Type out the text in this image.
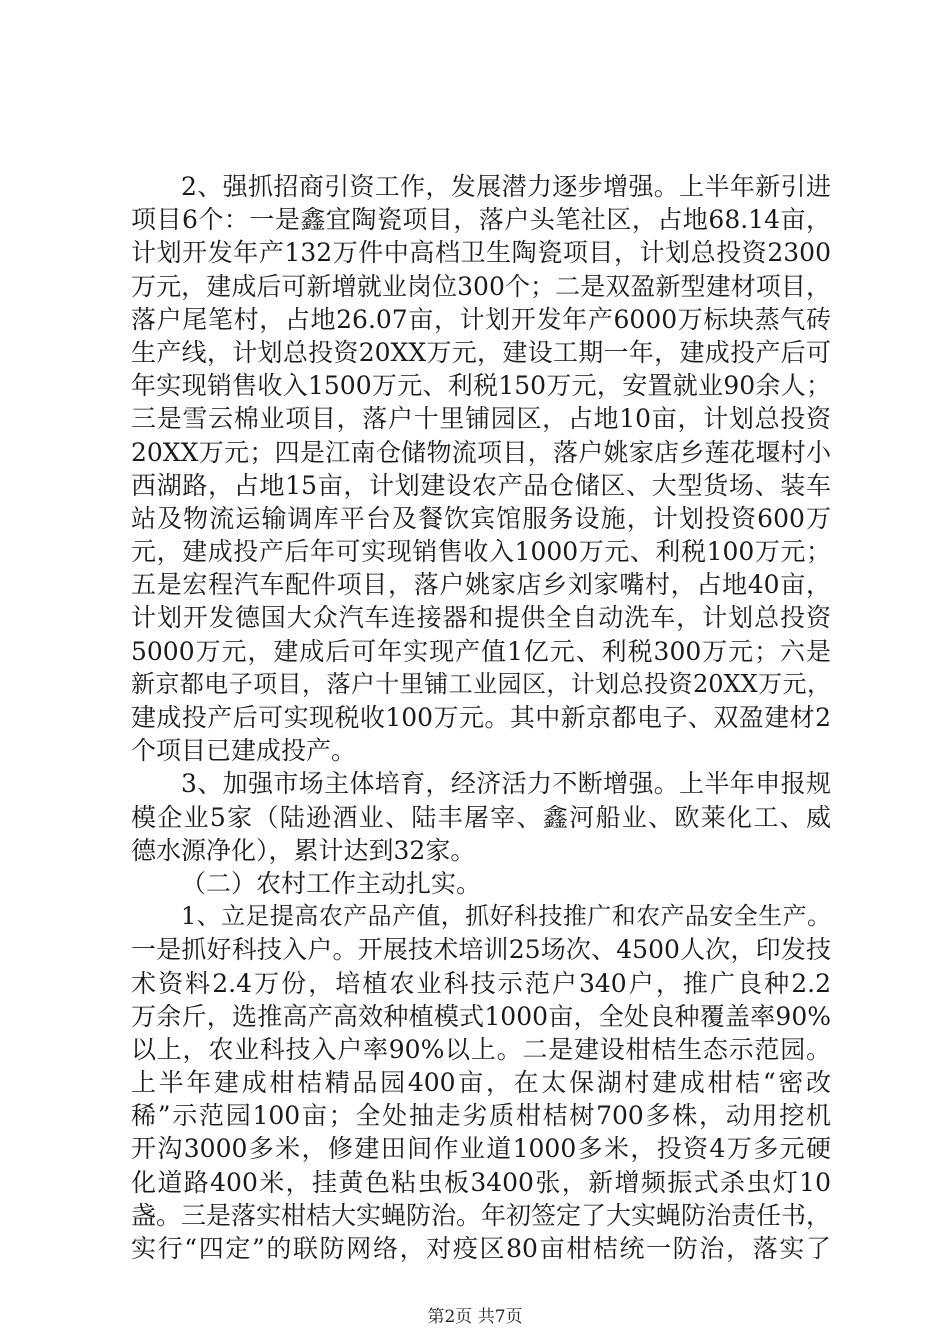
2、强抓招商引资工作，发展潜力逐步增强。上半年新引进
项目6个：一是鑫宜陶瓷项目，落户头笔社区，占地68.14亩，
计划开发年产132万件中高档卫生陶瓷项目，计划总投资2300
万元，建成后可新增就业岗位300个；二是双盈新型建材项目，
落户尾笔村，占地26.07亩，计划开发年产6000万标块蒸气砖
生产线，计划总投资20XX万元，建设工期一年，建成投产后可
年实现销售收入1500万元、利税150万元，安置就业90余人；
三是雪云棉业项目，落户十里铺园区，占地10亩，计划总投资
20XX万元；四是江南仓储物流项目，落户姚家店乡莲花堰村小
西湖路，占地15亩，计划建设农产品仓储区、大型货场、装车
站及物流运输调库平台及餐饮宾馆服务设施，计划投资600万
元，建成投产后年可实现销售收入1000万元、利税100万元；
五是宏程汽车配件项目，落户姚家店乡刘家嘴村，占地40亩，
计划开发德国大众汽车连接器和提供全自动洗车，计划总投资
5000万元，建成后可年实现产值1亿元、利税300万元；六是
新京都电子项目，落户十里铺工业园区，计划总投资20XX万元，
建成投产后可实现税收100万元。其中新京都电子、双盈建材2
个项目已建成投产。
3、加强市场主体培育，经济活力不断增强。上半年申报规
模企业5家（陆逊酒业、陆丰屠宰、鑫河船业、欧莱化工、威
德水源净化），累计达到32家。
（二）农村工作主动扎实。
1、立足提高农产品产值，抓好科技推广和农产品安全生产。
一是抓好科技入户。开展技术培训25场次、4500人次，印发技
术资料2.4万份，培植农业科技示范户340户，推广良种2.2
万余斤，选推高产高效种植模式1000亩，全处良种覆盖率90%
以上，农业科技入户率90%以上。二是建设柑桔生态示范园。
上半年建成柑桔精品园400亩，在太保湖村建成柑桔“密改
稀”示范园100亩；全处抽走劣质柑桔树700多株，动用挖机
开沟3000多米，修建田间作业道1000多米，投资4万多元硬
化道路400米，挂黄色粘虫板3400张，新增频振式杀虫灯10
盏。三是落实柑桔大实蝇防治。年初签定了大实蝇防治责任书，
实行“四定”的联防网络，对疫区80亩柑桔统一防治，落实了
第2页 共7页
